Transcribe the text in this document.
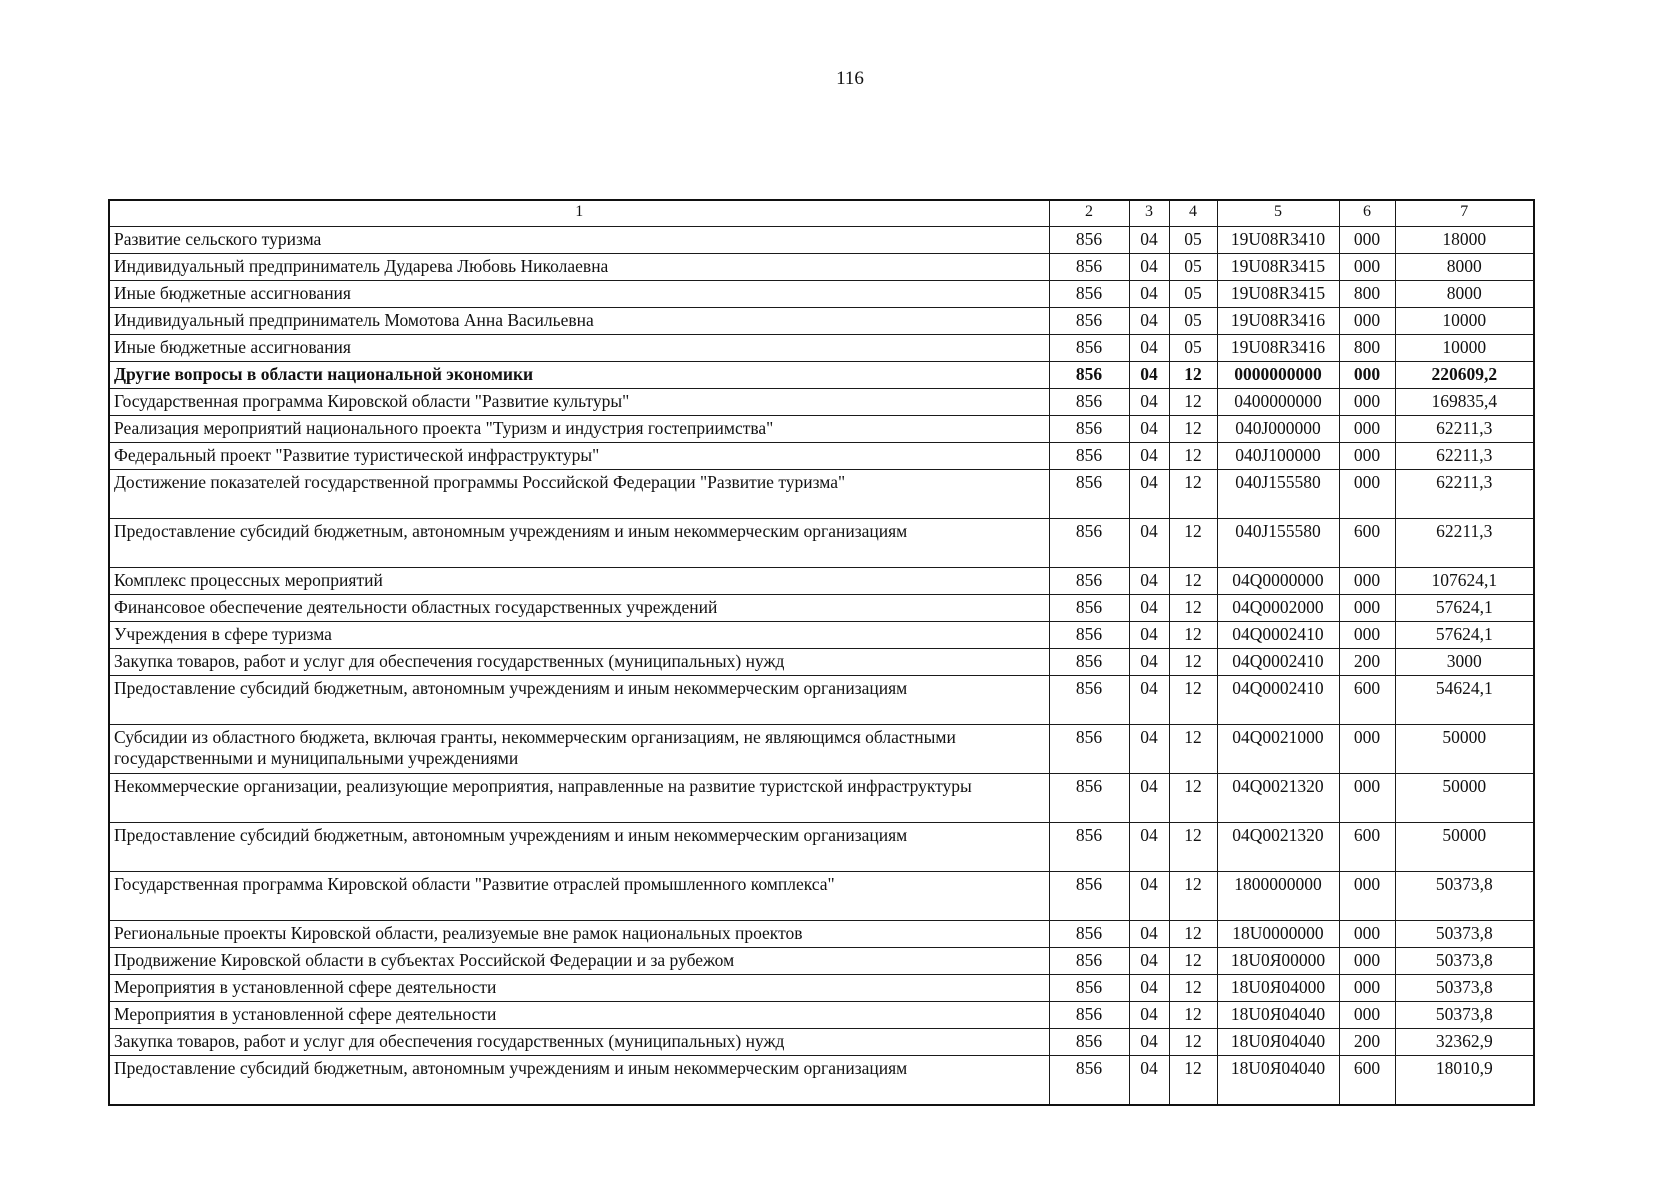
116
1	2	3	4	5	6	7
Развитие сельского туризма	856	04	05	19U08R3410	000	18000
Индивидуальный предприниматель Дударева Любовь Николаевна	856	04	05	19U08R3415	000	8000
Иные бюджетные ассигнования	856	04	05	19U08R3415	800	8000
Индивидуальный предприниматель Момотова Анна Васильевна	856	04	05	19U08R3416	000	10000
Иные бюджетные ассигнования	856	04	05	19U08R3416	800	10000
Другие вопросы в области национальной экономики	856	04	12	0000000000	000	220609,2
Государственная программа Кировской области "Развитие культуры"	856	04	12	0400000000	000	169835,4
Реализация мероприятий национального проекта "Туризм и индустрия гостеприимства"	856	04	12	040J000000	000	62211,3
Федеральный проект "Развитие туристической инфраструктуры"	856	04	12	040J100000	000	62211,3
Достижение показателей государственной программы Российской Федерации "Развитие туризма"	856	04	12	040J155580	000	62211,3
Предоставление субсидий бюджетным, автономным учреждениям и иным некоммерческим организациям	856	04	12	040J155580	600	62211,3
Комплекс процессных мероприятий	856	04	12	04Q0000000	000	107624,1
Финансовое обеспечение деятельности областных государственных учреждений	856	04	12	04Q0002000	000	57624,1
Учреждения в сфере туризма	856	04	12	04Q0002410	000	57624,1
Закупка товаров, работ и услуг для обеспечения государственных (муниципальных) нужд	856	04	12	04Q0002410	200	3000
Предоставление субсидий бюджетным, автономным учреждениям и иным некоммерческим организациям	856	04	12	04Q0002410	600	54624,1
Субсидии из областного бюджета, включая гранты, некоммерческим организациям, не являющимся областными государственными и муниципальными учреждениями	856	04	12	04Q0021000	000	50000
Некоммерческие организации, реализующие мероприятия, направленные на развитие туристской инфраструктуры	856	04	12	04Q0021320	000	50000
Предоставление субсидий бюджетным, автономным учреждениям и иным некоммерческим организациям	856	04	12	04Q0021320	600	50000
Государственная программа Кировской области "Развитие отраслей промышленного комплекса"	856	04	12	1800000000	000	50373,8
Региональные проекты Кировской области, реализуемые вне рамок национальных проектов	856	04	12	18U0000000	000	50373,8
Продвижение Кировской области в субъектах Российской Федерации и за рубежом	856	04	12	18U0Я00000	000	50373,8
Мероприятия в установленной сфере деятельности	856	04	12	18U0Я04000	000	50373,8
Мероприятия в установленной сфере деятельности	856	04	12	18U0Я04040	000	50373,8
Закупка товаров, работ и услуг для обеспечения государственных (муниципальных) нужд	856	04	12	18U0Я04040	200	32362,9
Предоставление субсидий бюджетным, автономным учреждениям и иным некоммерческим организациям	856	04	12	18U0Я04040	600	18010,9
